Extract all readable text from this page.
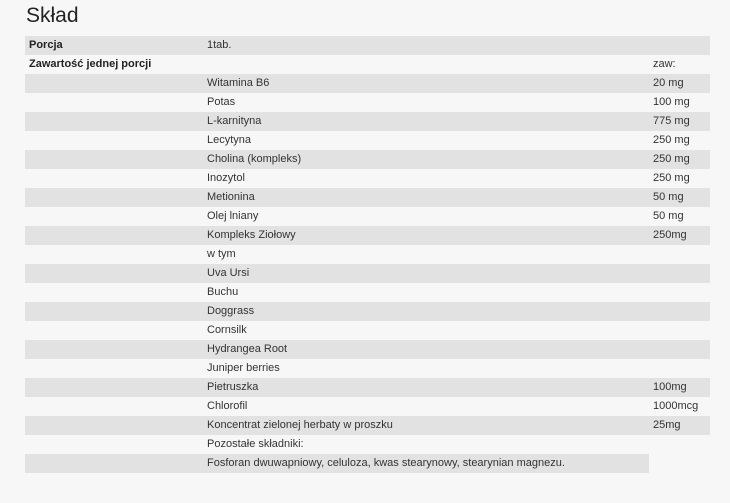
Skład
Porcja	1tab.	
Zawartość jednej porcji		zaw:
	Witamina B6	20 mg
	Potas	100 mg
	L-karnityna	775 mg
	Lecytyna	250 mg
	Cholina (kompleks)	250 mg
	Inozytol	250 mg
	Metionina	50 mg
	Olej lniany	50 mg
	Kompleks Ziołowy	250mg
	w tym	
	Uva Ursi	
	Buchu	
	Doggrass	
	Cornsilk	
	Hydrangea Root	
	Juniper berries	
	Pietruszka	100mg
	Chlorofil	1000mcg
	Koncentrat zielonej herbaty w proszku	25mg
	Pozostałe składniki:	
	Fosforan dwuwapniowy, celuloza, kwas stearynowy, stearynian magnezu.	
